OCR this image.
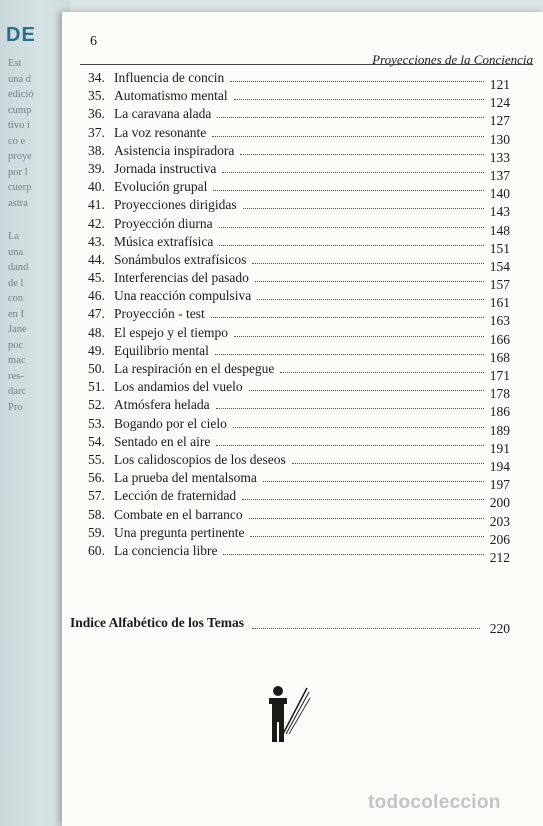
DE
Est
una d
edició
cump
tivo i
co e
proye
por l
cuerp
astra
La
una
dand
de l
con
en I
Jane
poc
mac
res-
darc
Pro
6
Proyecciones de la Conciencia
34. Influencia de concin	121
35. Automatismo mental	124
36. La caravana alada	127
37. La voz resonante	130
38. Asistencia inspiradora	133
39. Jornada instructiva	137
40. Evolución grupal	140
41. Proyecciones dirigidas	143
42. Proyección diurna	148
43. Música extrafísica	151
44. Sonámbulos extrafísicos	154
45. Interferencias del pasado	157
46. Una reacción compulsiva	161
47. Proyección - test	163
48. El espejo y el tiempo	166
49. Equilibrio mental	168
50. La respiración en el despegue	171
51. Los andamios del vuelo	178
52. Atmósfera helada	186
53. Bogando por el cielo	189
54. Sentado en el aire	191
55. Los calidoscopios de los deseos	194
56. La prueba del mentalsoma	197
57. Lección de fraternidad	200
58. Combate en el barranco	203
59. Una pregunta pertinente	206
60. La conciencia libre	212
Indice Alfabético de los Temas	220
todocoleccion
